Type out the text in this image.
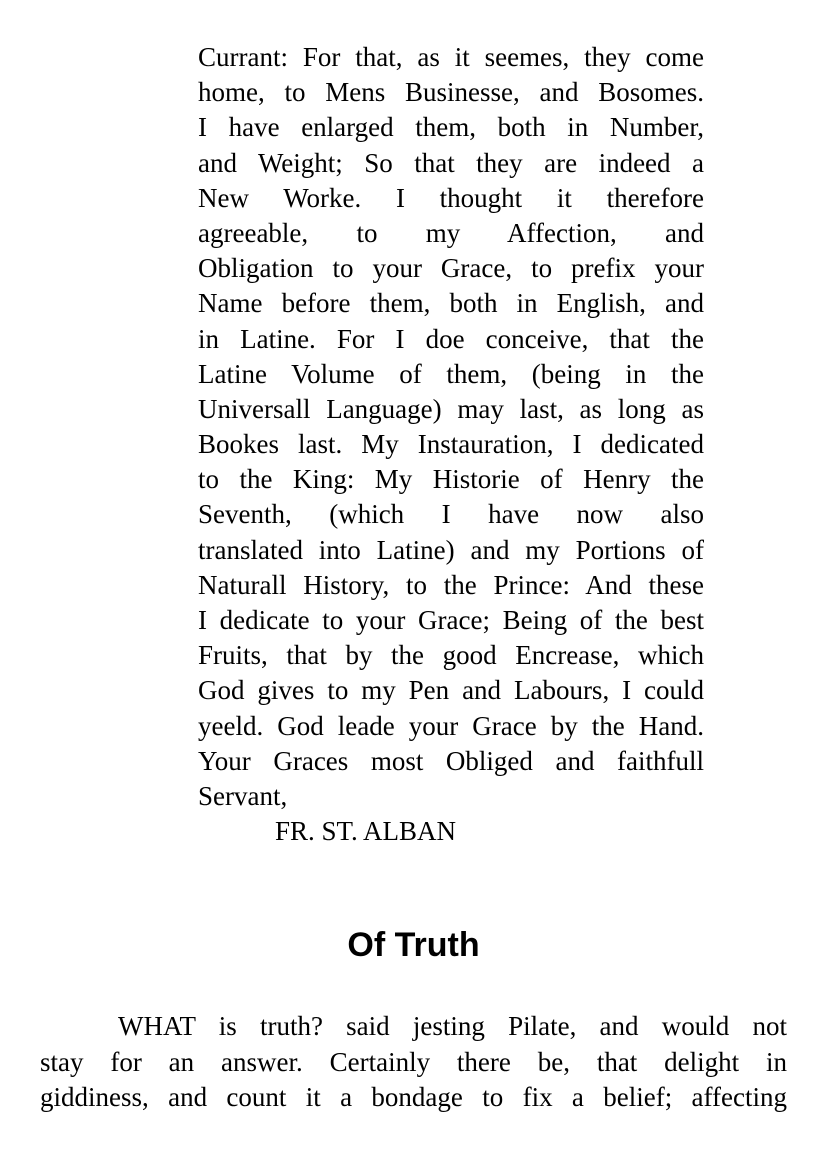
Currant: For that, as it seemes, they come
home, to Mens Businesse, and Bosomes.
I have enlarged them, both in Number,
and Weight; So that they are indeed a
New Worke. I thought it therefore
agreeable, to my Affection, and
Obligation to your Grace, to prefix your
Name before them, both in English, and
in Latine. For I doe conceive, that the
Latine Volume of them, (being in the
Universall Language) may last, as long as
Bookes last. My Instauration, I dedicated
to the King: My Historie of Henry the
Seventh, (which I have now also
translated into Latine) and my Portions of
Naturall History, to the Prince: And these
I dedicate to your Grace; Being of the best
Fruits, that by the good Encrease, which
God gives to my Pen and Labours, I could
yeeld. God leade your Grace by the Hand.
Your Graces most Obliged and faithfull
Servant,
FR. ST. ALBAN
Of Truth
WHAT is truth? said jesting Pilate, and would not
stay for an answer. Certainly there be, that delight in
giddiness, and count it a bondage to fix a belief; affecting
